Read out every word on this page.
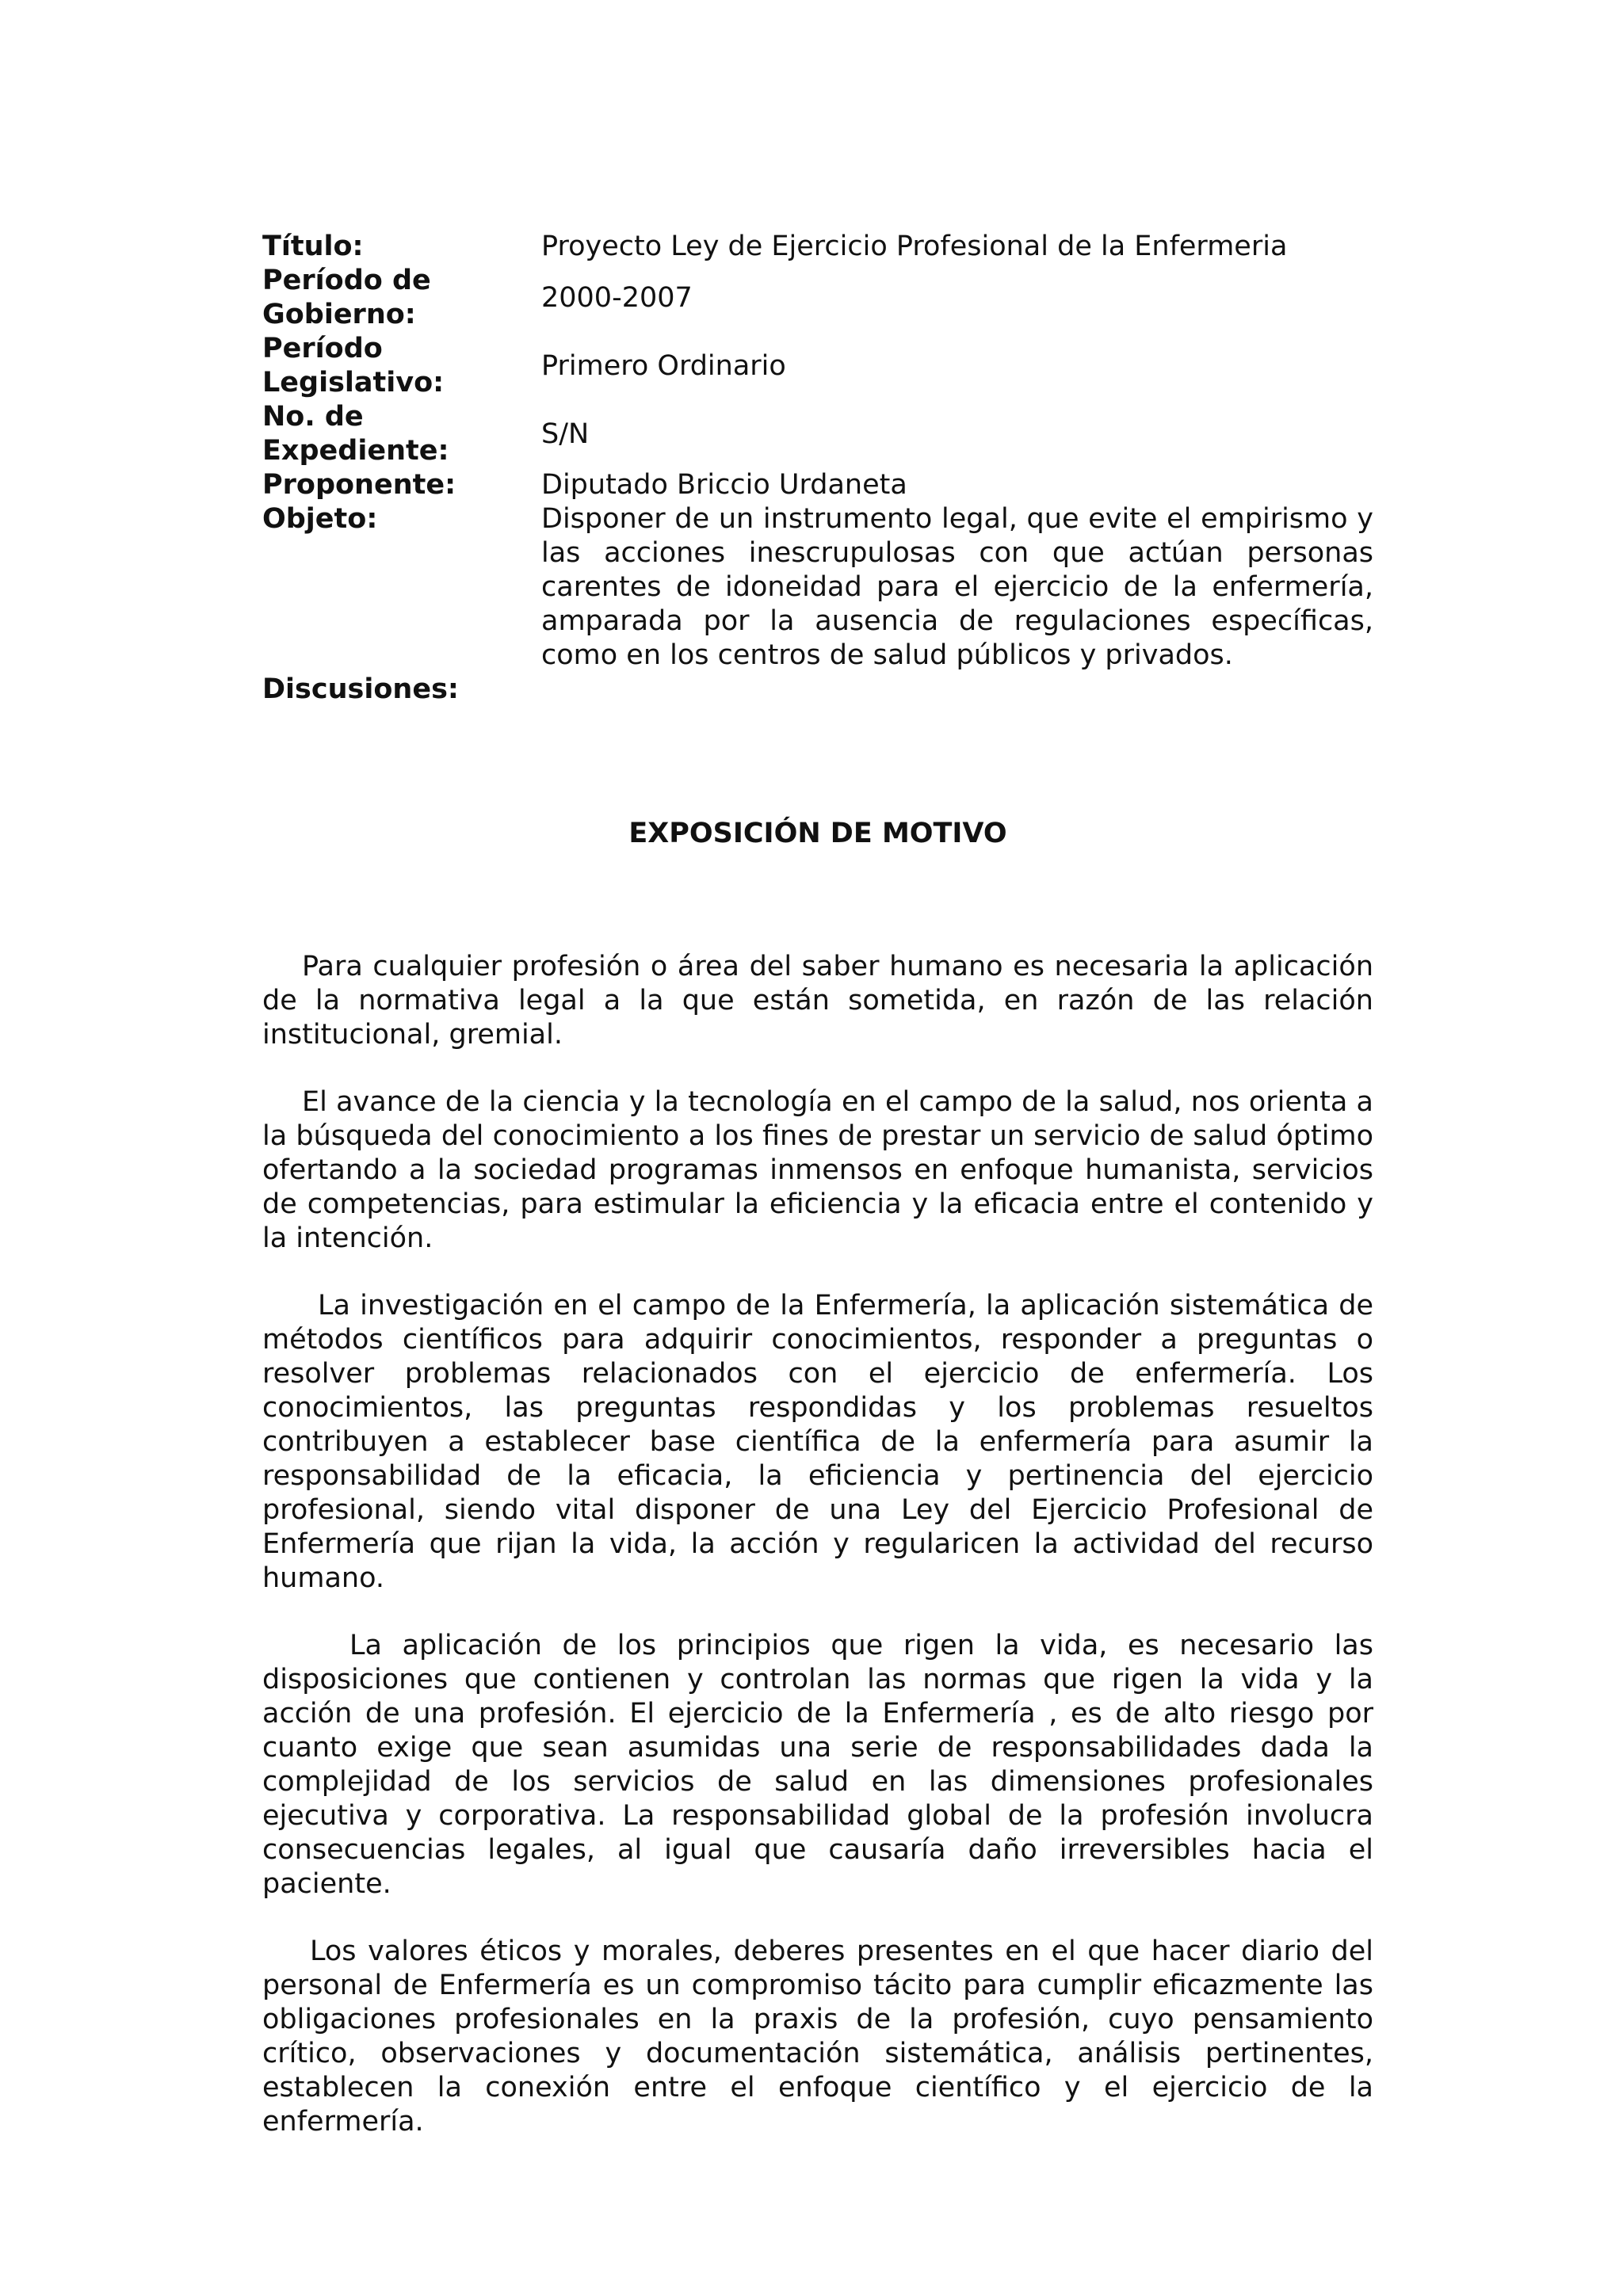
Título:	Proyecto Ley de Ejercicio Profesional de la Enfermeria
Período de Gobierno:	2000-2007
Período Legislativo:	Primero Ordinario
No. de Expediente:	S/N
Proponente:	Diputado Briccio Urdaneta
Objeto:	Disponer de un instrumento legal, que evite el empirismo y las acciones inescrupulosas con que actúan personas carentes de idoneidad para el ejercicio de la enfermería, amparada por la ausencia de regulaciones específicas, como en los centros de salud públicos y privados.
Discusiones:	
EXPOSICIÓN DE MOTIVO

Para cualquier profesión o área del saber humano es necesaria la aplicación de la normativa legal a la que están sometida, en razón de las relación institucional, gremial.

El avance de la ciencia y la tecnología en el campo de la salud, nos orienta a la búsqueda del conocimiento a los fines de prestar un servicio de salud óptimo ofertando a la sociedad programas inmensos en enfoque humanista, servicios de competencias, para estimular la eficiencia y la eficacia entre el contenido y la intención.

La investigación en el campo de la Enfermería, la aplicación sistemática de métodos científicos para adquirir conocimientos, responder a preguntas o resolver problemas relacionados con el ejercicio de enfermería. Los conocimientos, las preguntas respondidas y los problemas resueltos contribuyen a establecer base científica de la enfermería para asumir la responsabilidad de la eficacia, la eficiencia y pertinencia del ejercicio profesional, siendo vital disponer de una Ley del Ejercicio Profesional de Enfermería que rijan la vida, la acción y regularicen la actividad del recurso humano.

La aplicación de los principios que rigen la vida, es necesario las disposiciones que contienen y controlan las normas que rigen la vida y la acción de una profesión. El ejercicio de la Enfermería , es de alto riesgo por cuanto exige que sean asumidas una serie de responsabilidades dada la complejidad de los servicios de salud en las dimensiones profesionales ejecutiva y corporativa. La responsabilidad global de la profesión involucra consecuencias legales, al igual que causaría daño irreversibles hacia el paciente.

Los valores éticos y morales, deberes presentes en el que hacer diario del personal de Enfermería es un compromiso tácito para cumplir eficazmente las obligaciones profesionales en la praxis de la profesión, cuyo pensamiento crítico, observaciones y documentación sistemática, análisis pertinentes, establecen la conexión entre el enfoque científico y el ejercicio de la enfermería.
